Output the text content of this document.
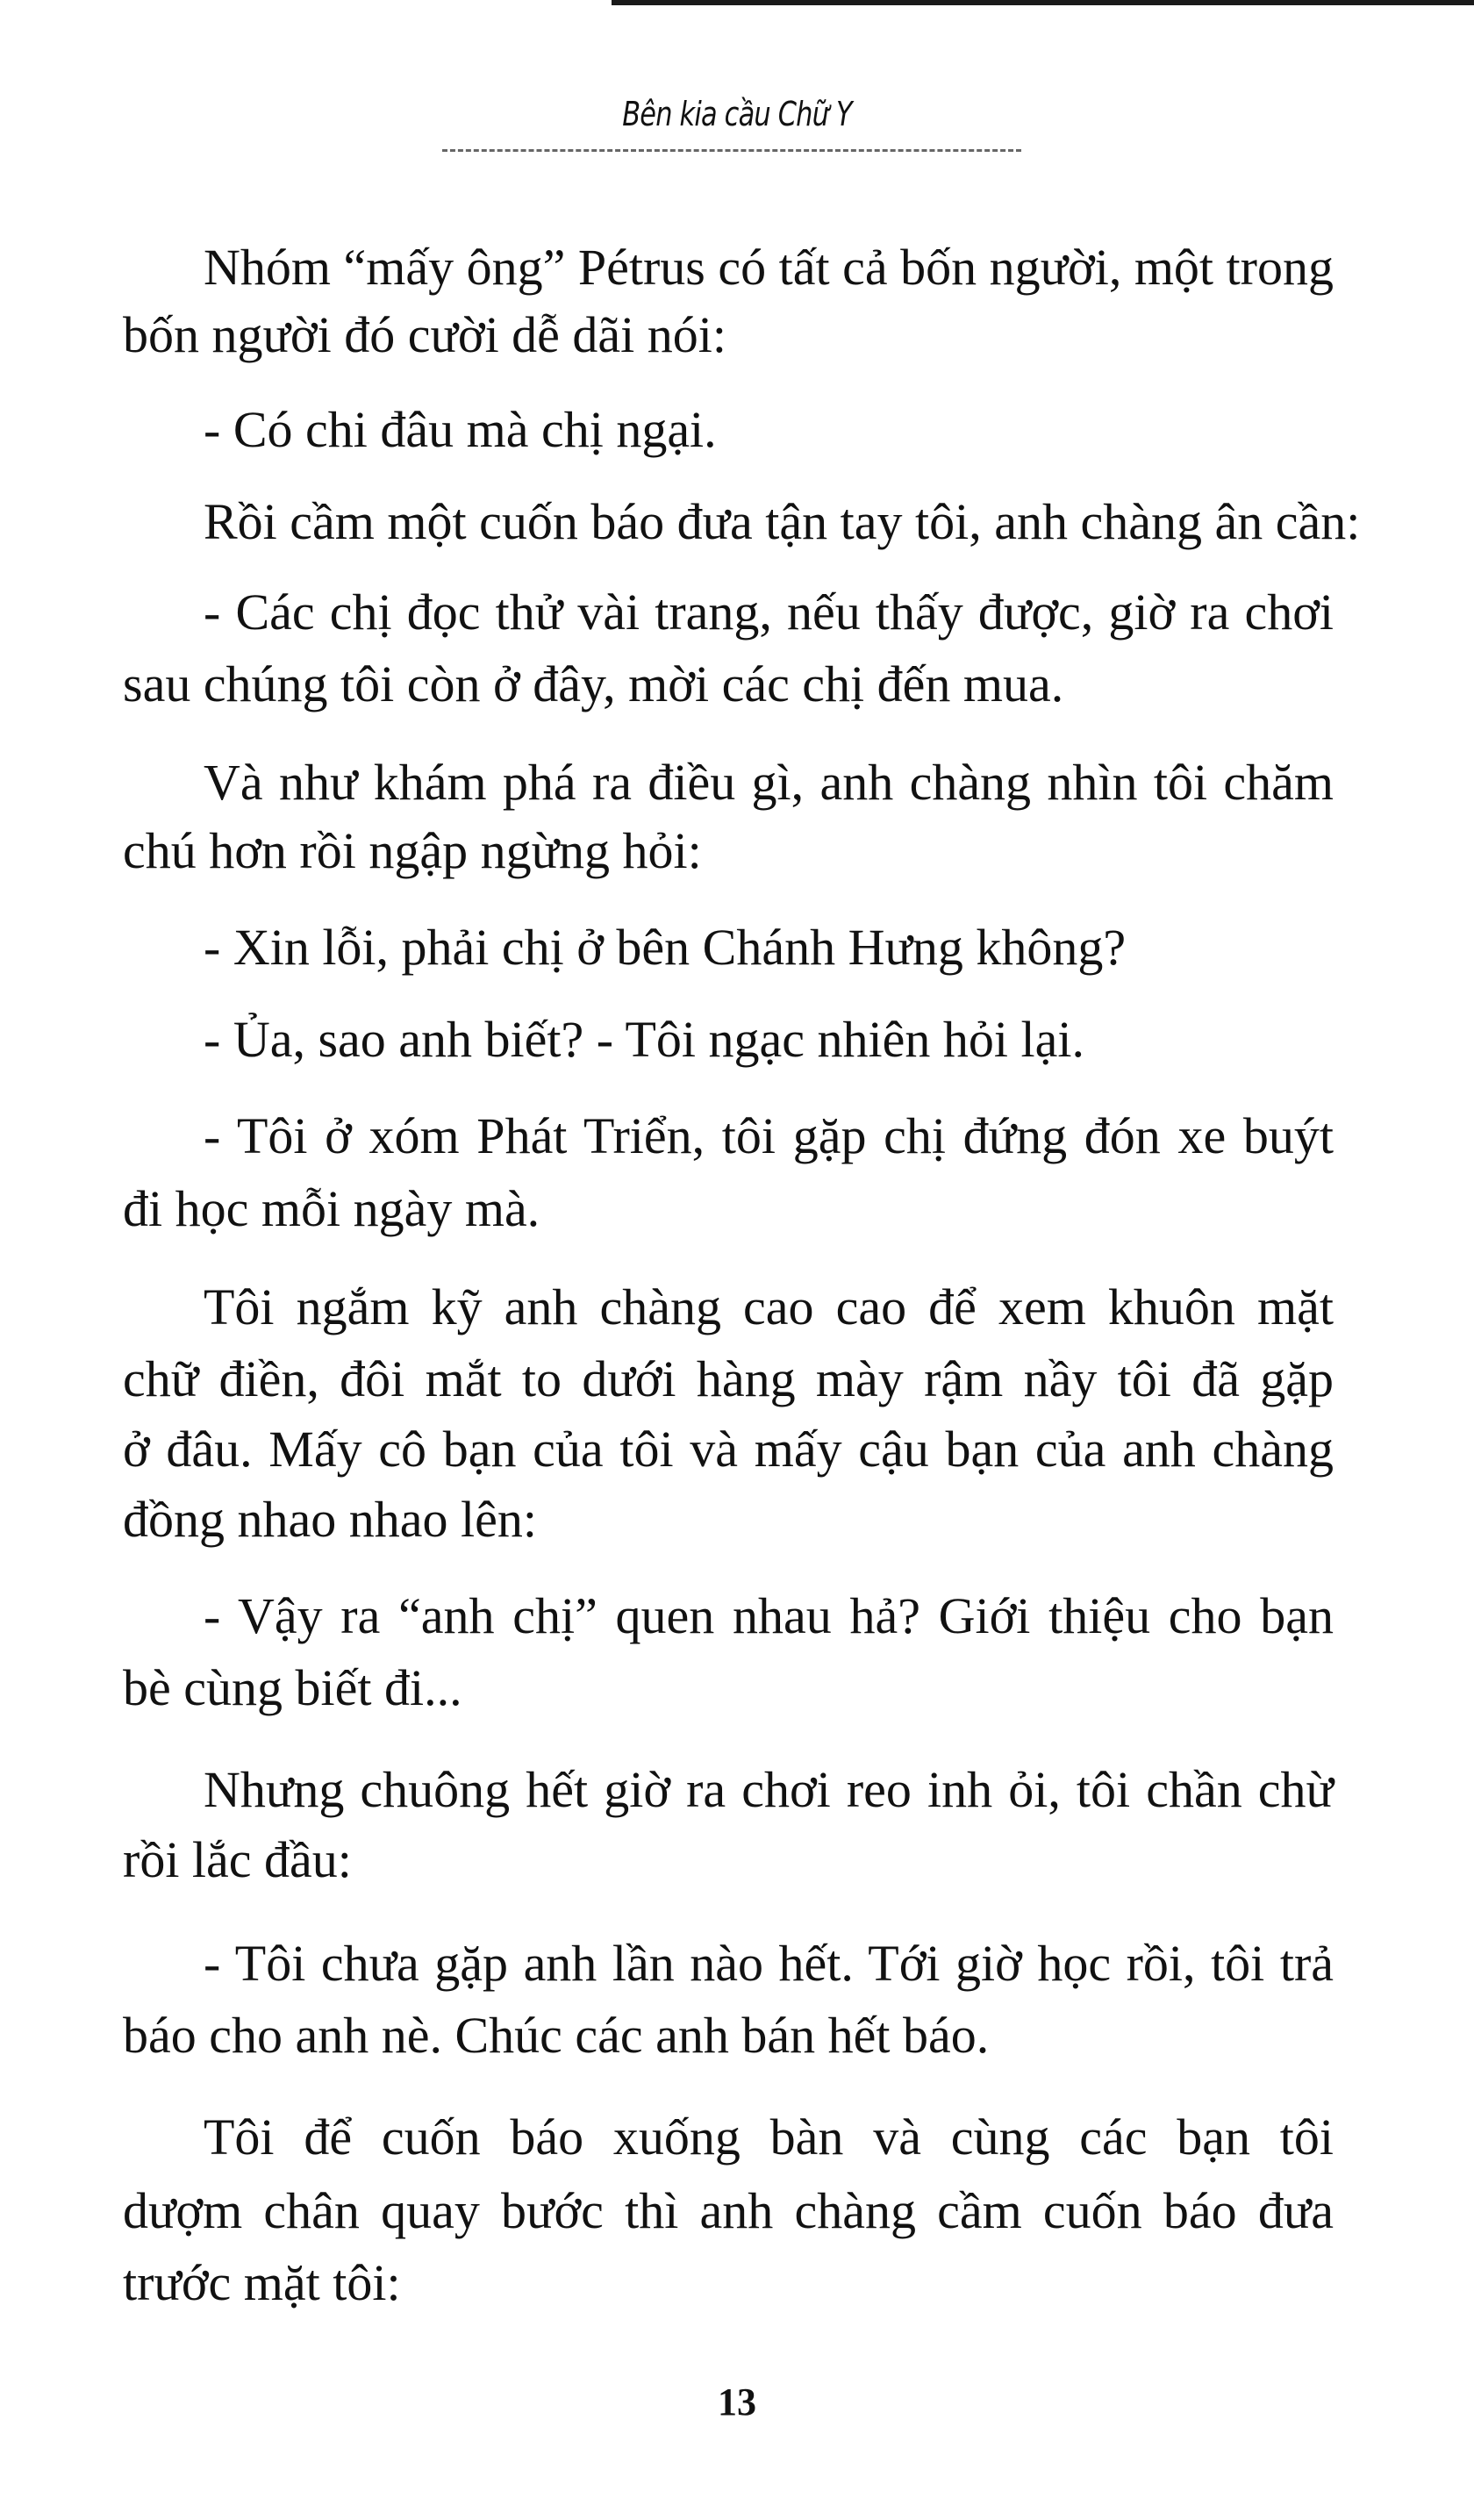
Bên kia cầu Chữ Y
Nhóm “mấy ông” Pétrus có tất cả bốn người, một trong
bốn người đó cười dễ dãi nói:
- Có chi đâu mà chị ngại.
Rồi cầm một cuốn báo đưa tận tay tôi, anh chàng ân cần:
- Các chị đọc thử vài trang, nếu thấy được, giờ ra chơi
sau chúng tôi còn ở đây, mời các chị đến mua.
Và như khám phá ra điều gì, anh chàng nhìn tôi chăm
chú hơn rồi ngập ngừng hỏi:
- Xin lỗi, phải chị ở bên Chánh Hưng không?
- Ủa, sao anh biết? - Tôi ngạc nhiên hỏi lại.
- Tôi ở xóm Phát Triển, tôi gặp chị đứng đón xe buýt
đi học mỗi ngày mà.
Tôi ngắm kỹ anh chàng cao cao để xem khuôn mặt
chữ điền, đôi mắt to dưới hàng mày rậm nầy tôi đã gặp
ở đâu. Mấy cô bạn của tôi và mấy cậu bạn của anh chàng
đồng nhao nhao lên:
- Vậy ra “anh chị” quen nhau hả? Giới thiệu cho bạn
bè cùng biết đi...
Nhưng chuông hết giờ ra chơi reo inh ỏi, tôi chần chừ
rồi lắc đầu:
- Tôi chưa gặp anh lần nào hết. Tới giờ học rồi, tôi trả
báo cho anh nè. Chúc các anh bán hết báo.
Tôi để cuốn báo xuống bàn và cùng các bạn tôi
dượm chân quay bước thì anh chàng cầm cuốn báo đưa
trước mặt tôi:
13
